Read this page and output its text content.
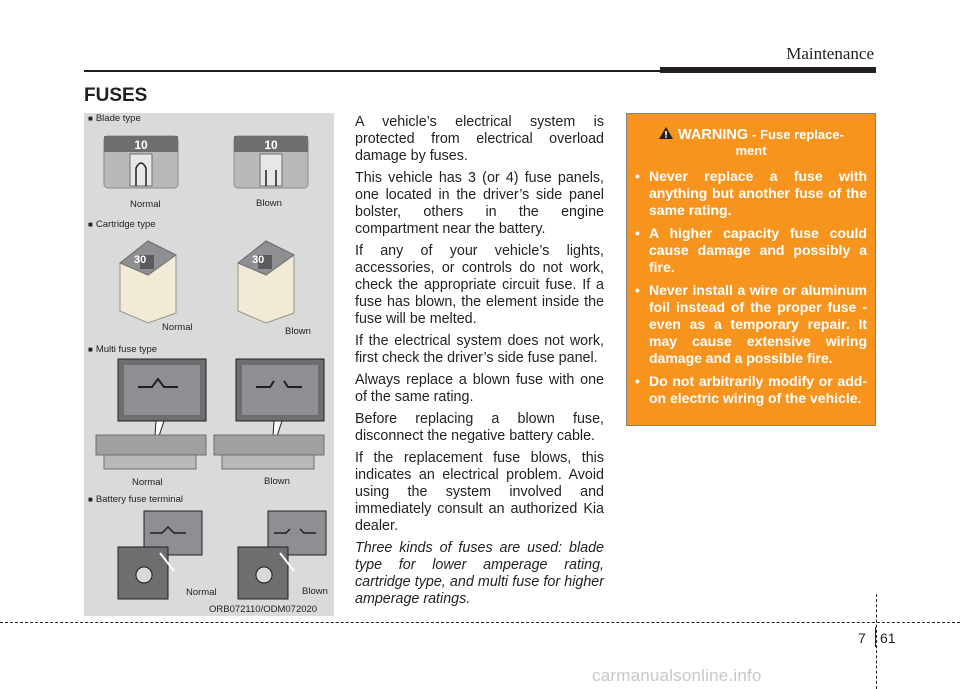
Maintenance
FUSES
■ Blade type
10	10
Normal	Blown
■ Cartridge type
30	30
Normal	Blown
■ Multi fuse type
Normal	Blown
■ Battery fuse terminal
Normal	Blown
ORB072110/ODM072020

A vehicle’s electrical system is protected from electrical overload damage by fuses.

This vehicle has 3 (or 4) fuse panels, one located in the driver’s side panel bolster, others in the engine compartment near the battery.

If any of your vehicle’s lights, accessories, or controls do not work, check the appropriate circuit fuse. If a fuse has blown, the element inside the fuse will be melted.

If the electrical system does not work, first check the driver’s side fuse panel.

Always replace a blown fuse with one of the same rating.

Before replacing a blown fuse, disconnect the negative battery cable.

If the replacement fuse blows, this indicates an electrical problem. Avoid using the system involved and immediately consult an authorized Kia dealer.

Three kinds of fuses are used: blade type for lower amperage rating, cartridge type, and multi fuse for higher amperage ratings.

WARNING - Fuse replace-
ment
• Never replace a fuse with anything but another fuse of the same rating.
• A higher capacity fuse could cause damage and possibly a fire.
• Never install a wire or aluminum foil instead of the proper fuse - even as a temporary repair. It may cause extensive wiring damage and a possible fire.
• Do not arbitrarily modify or add-on electric wiring of the vehicle.
7 61
carmanualsonline.info
